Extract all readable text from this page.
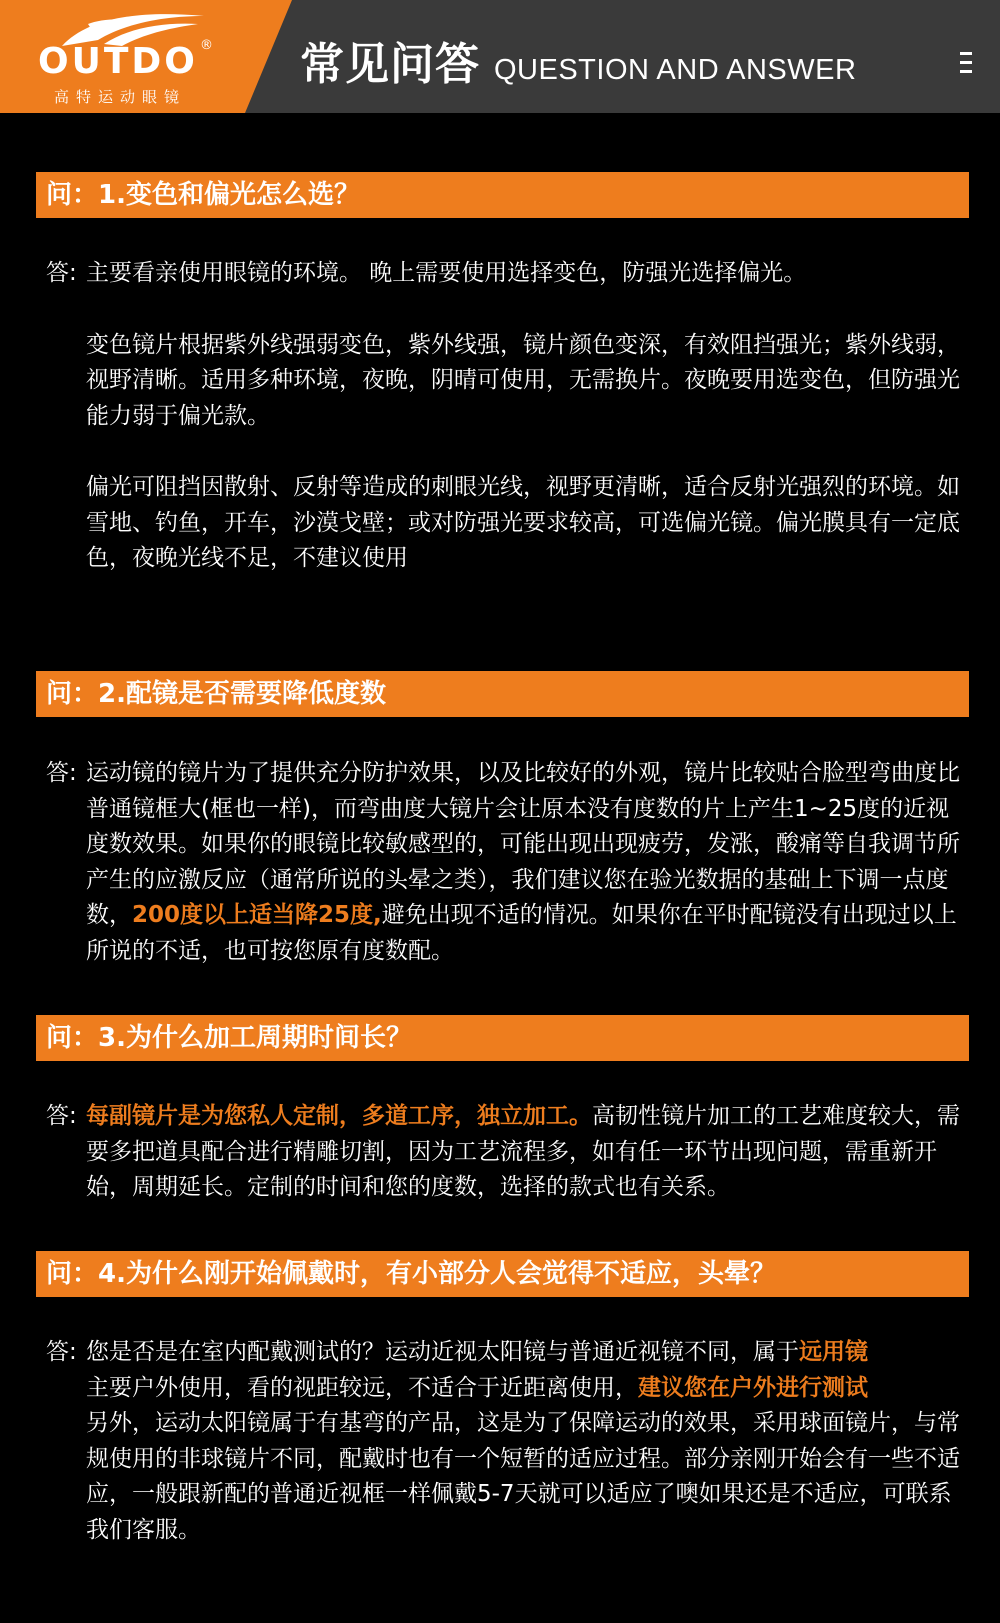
OUTDO ®
高特运动眼镜
常见问答 QUESTION AND ANSWER
问：1.变色和偏光怎么选？
答: 主要看亲使用眼镜的环境。 晚上需要使用选择变色，防强光选择偏光。

变色镜片根据紫外线强弱变色，紫外线强，镜片颜色变深，有效阻挡强光；紫外线弱，视野清晰。适用多种环境，夜晚，阴晴可使用，无需换片。夜晚要用选变色，但防强光能力弱于偏光款。

偏光可阻挡因散射、反射等造成的刺眼光线，视野更清晰，适合反射光强烈的环境。如雪地、钓鱼，开车，沙漠戈壁；或对防强光要求较高，可选偏光镜。偏光膜具有一定底色，夜晚光线不足，不建议使用

问：2.配镜是否需要降低度数
答: 运动镜的镜片为了提供充分防护效果，以及比较好的外观，镜片比较贴合脸型弯曲度比普通镜框大(框也一样)，而弯曲度大镜片会让原本没有度数的片上产生1~25度的近视度数效果。如果你的眼镜比较敏感型的，可能出现出现疲劳，发涨，酸痛等自我调节所产生的应激反应（通常所说的头晕之类），我们建议您在验光数据的基础上下调一点度数，200度以上适当降25度,避免出现不适的情况。如果你在平时配镜没有出现过以上所说的不适，也可按您原有度数配。

问：3.为什么加工周期时间长？
答: 每副镜片是为您私人定制，多道工序，独立加工。高韧性镜片加工的工艺难度较大，需要多把道具配合进行精雕切割，因为工艺流程多，如有任一环节出现问题，需重新开始，周期延长。定制的时间和您的度数，选择的款式也有关系。

问：4.为什么刚开始佩戴时，有小部分人会觉得不适应，头晕？
答: 您是否是在室内配戴测试的？运动近视太阳镜与普通近视镜不同，属于远用镜
主要户外使用，看的视距较远，不适合于近距离使用，建议您在户外进行测试
另外，运动太阳镜属于有基弯的产品，这是为了保障运动的效果，采用球面镜片，与常规使用的非球镜片不同，配戴时也有一个短暂的适应过程。部分亲刚开始会有一些不适应，一般跟新配的普通近视框一样佩戴5-7天就可以适应了噢如果还是不适应，可联系我们客服。
